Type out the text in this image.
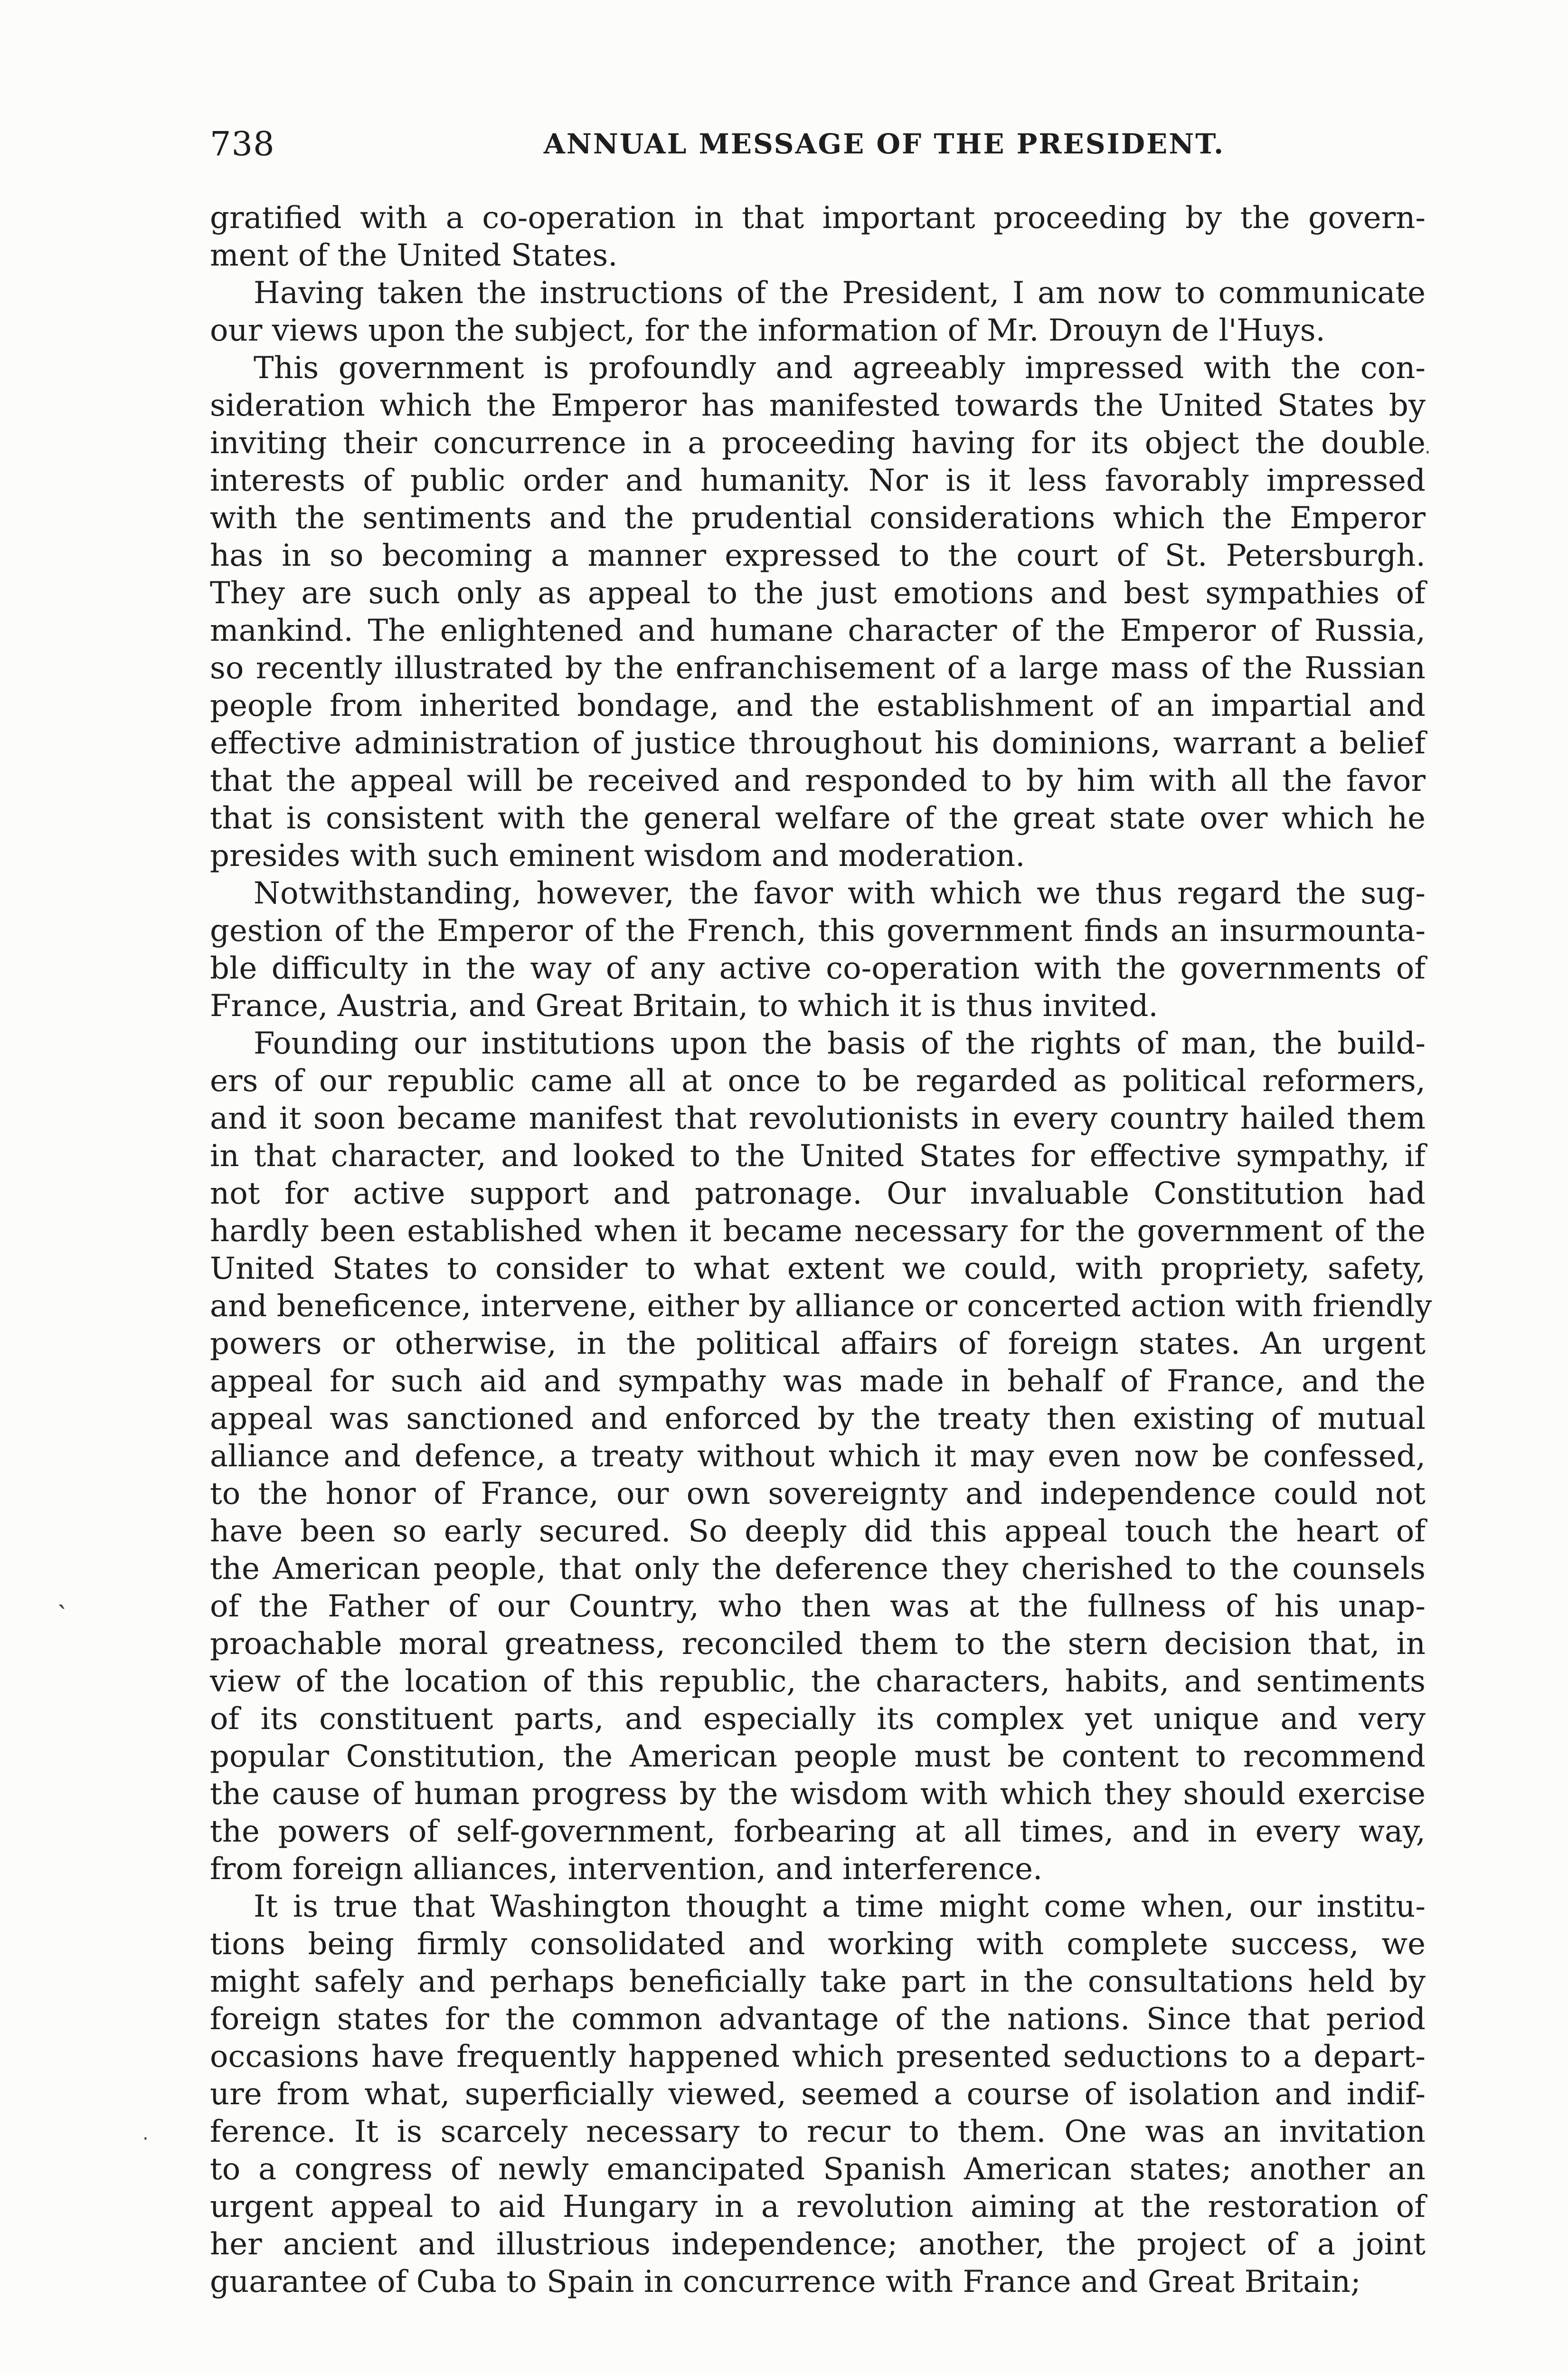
738	ANNUAL MESSAGE OF THE PRESIDENT.
gratified with a co-operation in that important proceeding by the govern-
ment of the United States.
Having taken the instructions of the President, I am now to communicate
our views upon the subject, for the information of Mr. Drouyn de l'Huys.
This government is profoundly and agreeably impressed with the con-
sideration which the Emperor has manifested towards the United States by
inviting their concurrence in a proceeding having for its object the double
interests of public order and humanity. Nor is it less favorably impressed
with the sentiments and the prudential considerations which the Emperor
has in so becoming a manner expressed to the court of St. Petersburgh.
They are such only as appeal to the just emotions and best sympathies of
mankind. The enlightened and humane character of the Emperor of Russia,
so recently illustrated by the enfranchisement of a large mass of the Russian
people from inherited bondage, and the establishment of an impartial and
effective administration of justice throughout his dominions, warrant a belief
that the appeal will be received and responded to by him with all the favor
that is consistent with the general welfare of the great state over which he
presides with such eminent wisdom and moderation.
Notwithstanding, however, the favor with which we thus regard the sug-
gestion of the Emperor of the French, this government finds an insurmounta-
ble difficulty in the way of any active co-operation with the governments of
France, Austria, and Great Britain, to which it is thus invited.
Founding our institutions upon the basis of the rights of man, the build-
ers of our republic came all at once to be regarded as political reformers,
and it soon became manifest that revolutionists in every country hailed them
in that character, and looked to the United States for effective sympathy, if
not for active support and patronage. Our invaluable Constitution had
hardly been established when it became necessary for the government of the
United States to consider to what extent we could, with propriety, safety,
and beneficence, intervene, either by alliance or concerted action with friendly
powers or otherwise, in the political affairs of foreign states. An urgent
appeal for such aid and sympathy was made in behalf of France, and the
appeal was sanctioned and enforced by the treaty then existing of mutual
alliance and defence, a treaty without which it may even now be confessed,
to the honor of France, our own sovereignty and independence could not
have been so early secured. So deeply did this appeal touch the heart of
the American people, that only the deference they cherished to the counsels
of the Father of our Country, who then was at the fullness of his unap-
proachable moral greatness, reconciled them to the stern decision that, in
view of the location of this republic, the characters, habits, and sentiments
of its constituent parts, and especially its complex yet unique and very
popular Constitution, the American people must be content to recommend
the cause of human progress by the wisdom with which they should exercise
the powers of self-government, forbearing at all times, and in every way,
from foreign alliances, intervention, and interference.
It is true that Washington thought a time might come when, our institu-
tions being firmly consolidated and working with complete success, we
might safely and perhaps beneficially take part in the consultations held by
foreign states for the common advantage of the nations. Since that period
occasions have frequently happened which presented seductions to a depart-
ure from what, superficially viewed, seemed a course of isolation and indif-
ference. It is scarcely necessary to recur to them. One was an invitation
to a congress of newly emancipated Spanish American states; another an
urgent appeal to aid Hungary in a revolution aiming at the restoration of
her ancient and illustrious independence; another, the project of a joint
guarantee of Cuba to Spain in concurrence with France and Great Britain;
·
˴
·
